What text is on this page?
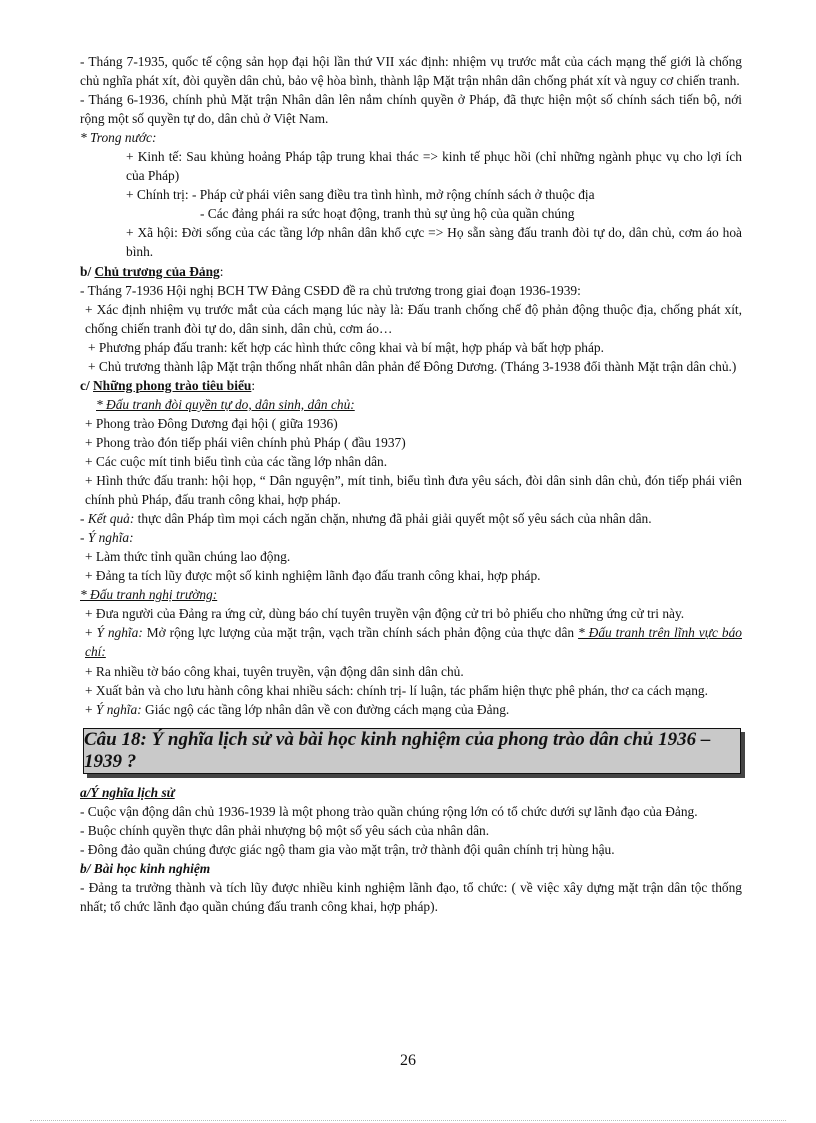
- Tháng 7-1935, quốc tế cộng sản họp đại hội lần thứ VII xác định: nhiệm vụ trước mắt của cách mạng thế giới là chống chủ nghĩa phát xít, đòi quyền dân chủ, bảo vệ hòa bình, thành lập Mặt trận nhân dân chống phát xít và nguy cơ chiến tranh.

- Tháng 6-1936, chính phủ Mặt trận Nhân dân lên nắm chính quyền ở Pháp, đã thực hiện một số chính sách tiến bộ, nới rộng một số quyền tự do, dân chủ ở Việt Nam.

* Trong nước:

+ Kinh tế: Sau khủng hoảng Pháp tập trung khai thác => kinh tế phục hồi (chỉ những ngành phục vụ cho lợi ích của Pháp)

+ Chính trị: - Pháp cử phái viên sang điều tra tình hình, mở rộng chính sách ở thuộc địa

- Các đảng phái ra sức hoạt động, tranh thủ sự ủng hộ của quần chúng

+ Xã hội: Đời sống của các tầng lớp nhân dân khổ cực => Họ sẵn sàng đấu tranh đòi tự do, dân chủ, cơm áo hoà bình.

b/ Chủ trương của Đảng:

- Tháng 7-1936 Hội nghị BCH TW Đảng CSĐD đề ra chủ trương trong giai đoạn 1936-1939:

+ Xác định nhiệm vụ trước mắt của cách mạng lúc này là: Đấu tranh chống chế độ phản động thuộc địa, chống phát xít, chống chiến tranh đòi tự do, dân sinh, dân chủ, cơm áo…

+ Phương pháp đấu tranh: kết hợp các hình thức công khai và bí mật, hợp pháp và bất hợp pháp.

+ Chủ trương thành lập Mặt trận thống nhất nhân dân phản đế Đông Dương. (Tháng 3-1938 đổi thành Mặt trận dân chủ.)

c/ Những phong trào tiêu biểu:

* Đấu tranh đòi quyền tự do, dân sinh, dân chủ:

+ Phong trào Đông Dương đại hội ( giữa 1936)

+ Phong trào đón tiếp phái viên chính phủ Pháp ( đầu 1937)

+ Các cuộc mít tinh biểu tình của các tầng lớp nhân dân.

+ Hình thức đấu tranh: hội họp, “ Dân nguyện”, mít tinh, biểu tình đưa yêu sách, đòi dân sinh dân chủ, đón tiếp phái viên chính phủ Pháp, đấu tranh công khai, hợp pháp.

- Kết quả: thực dân Pháp tìm mọi cách ngăn chặn, nhưng đã phải giải quyết một số yêu sách của nhân dân.

- Ý nghĩa:

+ Làm thức tỉnh quần chúng lao động.

+ Đảng ta tích lũy được một số kinh nghiệm lãnh đạo đấu tranh công khai, hợp pháp.

* Đấu tranh nghị trường:

+ Đưa người của Đảng ra ứng cử, dùng báo chí tuyên truyền vận động cử tri bỏ phiếu cho những ứng cử tri này.

+ Ý nghĩa: Mở rộng lực lượng của mặt trận, vạch trần chính sách phản động của thực dân * Đấu tranh trên lĩnh vực báo chí:

+ Ra nhiều tờ báo công khai, tuyên truyền, vận động dân sinh dân chủ.

+ Xuất bản và cho lưu hành công khai nhiều sách: chính trị- lí luận, tác phẩm hiện thực phê phán, thơ ca cách mạng.

+ Ý nghĩa: Giác ngộ các tầng lớp nhân dân về con đường cách mạng của Đảng.

Câu 18: Ý nghĩa lịch sử và bài học kinh nghiệm của phong trào dân chủ 1936 – 1939 ?

a/Ý nghĩa lịch sử

- Cuộc vận động dân chủ 1936-1939 là một phong trào quần chúng rộng lớn có tổ chức dưới sự lãnh đạo của Đảng.

- Buộc chính quyền thực dân phải nhượng bộ một số yêu sách của nhân dân.

- Đông đảo quần chúng được giác ngộ tham gia vào mặt trận, trở thành đội quân chính trị hùng hậu.

b/ Bài học kinh nghiệm

- Đảng ta trưởng thành và tích lũy được nhiều kinh nghiệm lãnh đạo, tổ chức: ( về việc xây dựng mặt trận dân tộc thống nhất; tổ chức lãnh đạo quần chúng đấu tranh công khai, hợp pháp).

26
